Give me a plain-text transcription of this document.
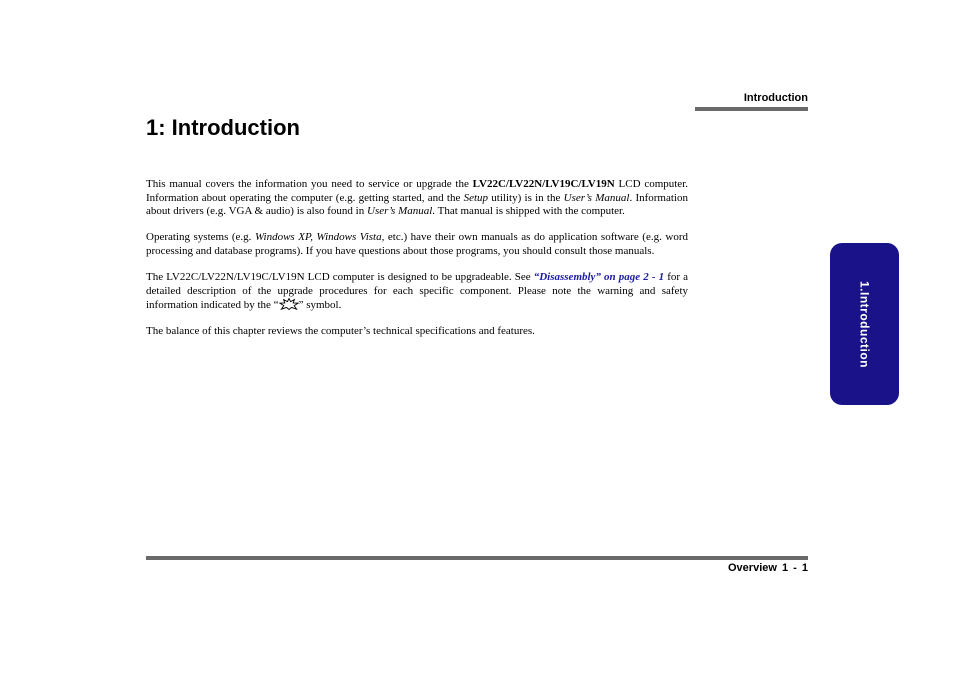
Introduction
1: Introduction

This manual covers the information you need to service or upgrade the LV22C/LV22N/LV19C/LV19N LCD computer. Information about operating the computer (e.g. getting started, and the Setup utility) is in the User’s Manual. Information about drivers (e.g. VGA & audio) is also found in User’s Manual. That manual is shipped with the computer.

Operating systems (e.g. Windows XP, Windows Vista, etc.) have their own manuals as do application software (e.g. word processing and database programs). If you have questions about those programs, you should consult those manuals.

The LV22C/LV22N/LV19C/LV19N LCD computer is designed to be upgradeable. See “Disassembly” on page 2 - 1 for a detailed description of the upgrade procedures for each specific component. Please note the warning and safety information indicated by the “ ” symbol.

The balance of this chapter reviews the computer’s technical specifications and features.	1.Introduction
Overview 1 - 1
